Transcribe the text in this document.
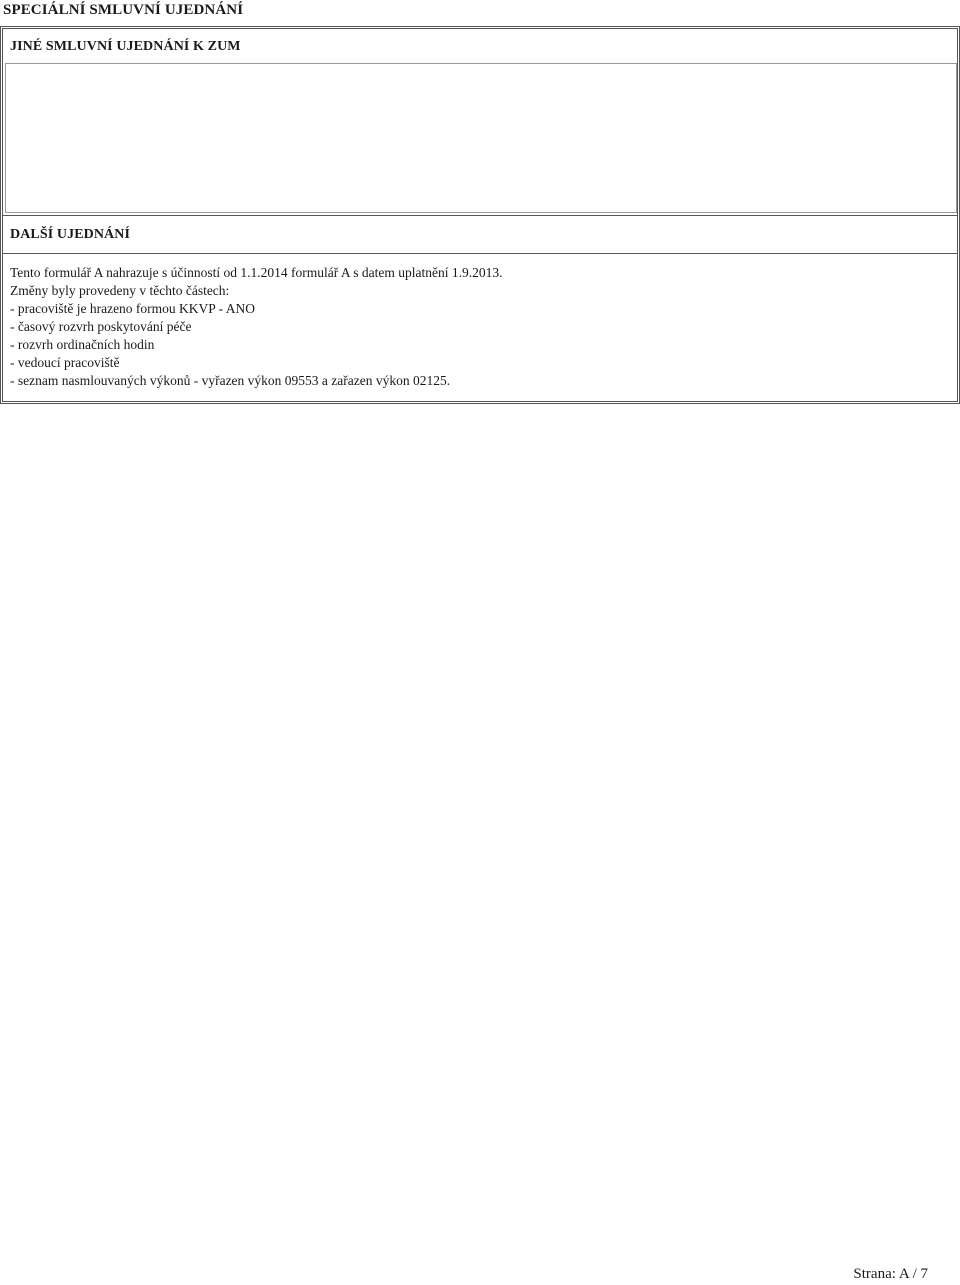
SPECIÁLNÍ SMLUVNÍ UJEDNÁNÍ
JINÉ SMLUVNÍ UJEDNÁNÍ K ZUM
DALŠÍ UJEDNÁNÍ
Tento formulář A nahrazuje s účinností od 1.1.2014 formulář A s datem uplatnění 1.9.2013.
Změny byly provedeny v těchto částech:
- pracoviště je hrazeno formou KKVP - ANO
- časový rozvrh poskytování péče
- rozvrh ordinačních hodin
- vedoucí pracoviště
- seznam nasmlouvaných výkonů - vyřazen výkon 09553 a zařazen výkon 02125.
Strana: A / 7
